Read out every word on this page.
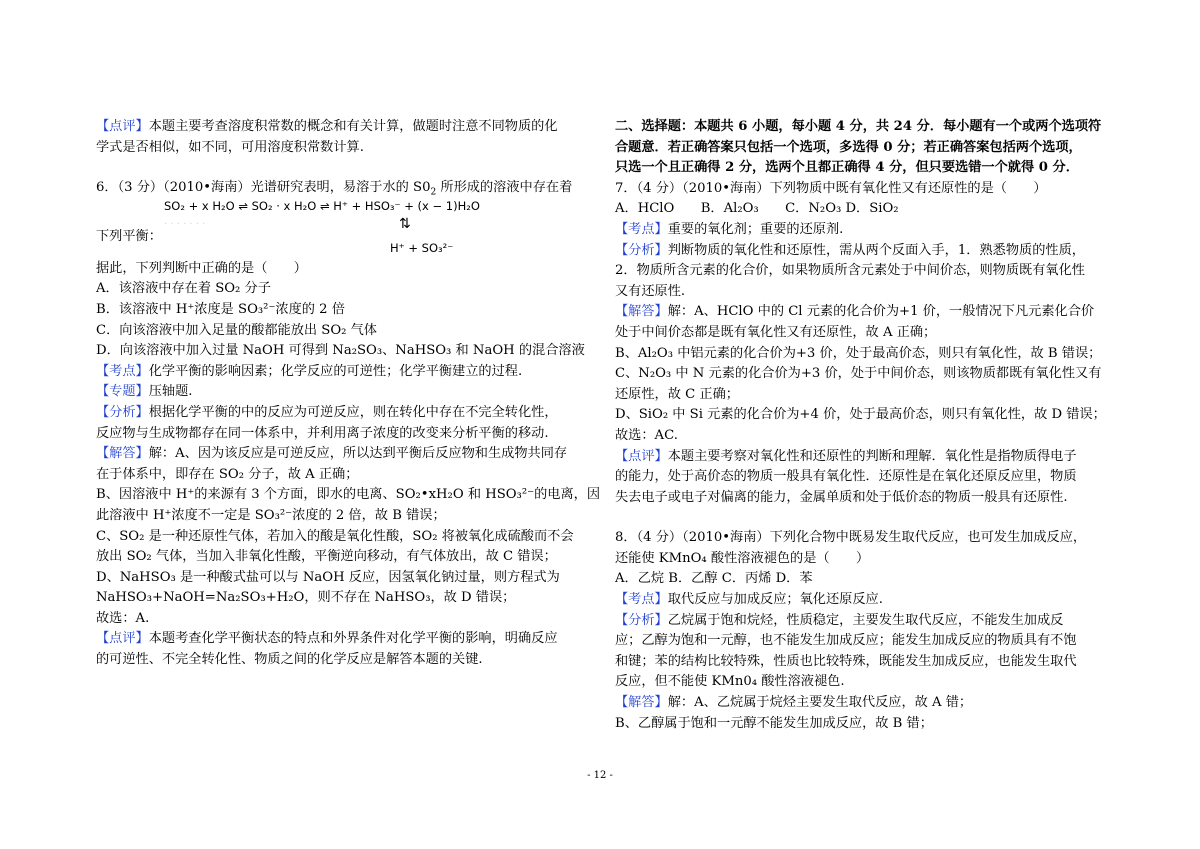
【点评】本题主要考查溶度积常数的概念和有关计算，做题时注意不同物质的化

学式是否相似，如不同，可用溶度积常数计算.

6．（3 分）（2010•海南）光谱研究表明，易溶于水的 $S0_2$ 所形成的溶液中存在着

SO₂ + x H₂O ⇌ SO₂ · x H₂O ⇌ H⁺ + HSO₃⁻ + (x − 1)H₂O
· · · · · · ·
下列平衡：
⇅
H⁺ + SO₃²⁻

据此，下列判断中正确的是（　　）

A．该溶液中存在着 SO₂ 分子

B．该溶液中 H⁺浓度是 SO₃²⁻浓度的 2 倍

C．向该溶液中加入足量的酸都能放出 SO₂ 气体

D．向该溶液中加入过量 NaOH 可得到 Na₂SO₃、NaHSO₃ 和 NaOH 的混合溶液

【考点】化学平衡的影响因素；化学反应的可逆性；化学平衡建立的过程.

【专题】压轴题.

【分析】根据化学平衡的中的反应为可逆反应，则在转化中存在不完全转化性，

反应物与生成物都存在同一体系中，并利用离子浓度的改变来分析平衡的移动.

【解答】解：A、因为该反应是可逆反应，所以达到平衡后反应物和生成物共同存

在于体系中，即存在 SO₂ 分子，故 A 正确；

B、因溶液中 H⁺的来源有 3 个方面，即水的电离、SO₂•xH₂O 和 HSO₃²⁻的电离，因

此溶液中 H⁺浓度不一定是 SO₃²⁻浓度的 2 倍，故 B 错误；

C、SO₂ 是一种还原性气体，若加入的酸是氧化性酸，SO₂ 将被氧化成硫酸而不会

放出 SO₂ 气体，当加入非氧化性酸，平衡逆向移动，有气体放出，故 C 错误；

D、NaHSO₃ 是一种酸式盐可以与 NaOH 反应，因氢氧化钠过量，则方程式为

NaHSO₃+NaOH=Na₂SO₃+H₂O，则不存在 NaHSO₃，故 D 错误；

故选：A.

【点评】本题考查化学平衡状态的特点和外界条件对化学平衡的影响，明确反应

的可逆性、不完全转化性、物质之间的化学反应是解答本题的关键.

二、选择题：本题共 6 小题，每小题 4 分，共 24 分．每小题有一个或两个选项符

合题意．若正确答案只包括一个选项，多选得 0 分；若正确答案包括两个选项，

只选一个且正确得 2 分，选两个且都正确得 4 分，但只要选错一个就得 0 分．

7．（4 分）（2010•海南）下列物质中既有氧化性又有还原性的是（　　）

A．HClO　　B．Al₂O₃　　C．N₂O₃ D．SiO₂

【考点】重要的氧化剂；重要的还原剂.

【分析】判断物质的氧化性和还原性，需从两个反面入手，1．熟悉物质的性质，

2．物质所含元素的化合价，如果物质所含元素处于中间价态，则物质既有氧化性

又有还原性.

【解答】解：A、HClO 中的 Cl 元素的化合价为+1 价，一般情况下凡元素化合价

处于中间价态都是既有氧化性又有还原性，故 A 正确；

B、Al₂O₃ 中铝元素的化合价为+3 价，处于最高价态，则只有氧化性，故 B 错误；

C、N₂O₃ 中 N 元素的化合价为+3 价，处于中间价态，则该物质都既有氧化性又有

还原性，故 C 正确；

D、SiO₂ 中 Si 元素的化合价为+4 价，处于最高价态，则只有氧化性，故 D 错误；

故选：AC.

【点评】本题主要考察对氧化性和还原性的判断和理解．氧化性是指物质得电子

的能力，处于高价态的物质一般具有氧化性．还原性是在氧化还原反应里，物质

失去电子或电子对偏离的能力，金属单质和处于低价态的物质一般具有还原性.

8．（4 分）（2010•海南）下列化合物中既易发生取代反应，也可发生加成反应，

还能使 KMnO₄ 酸性溶液褪色的是（　　）

A．乙烷 B．乙醇 C．丙烯 D．苯

【考点】取代反应与加成反应；氧化还原反应.

【分析】乙烷属于饱和烷烃，性质稳定，主要发生取代反应，不能发生加成反

应；乙醇为饱和一元醇，也不能发生加成反应；能发生加成反应的物质具有不饱

和键；苯的结构比较特殊，性质也比较特殊，既能发生加成反应，也能发生取代

反应，但不能使 KMn0₄ 酸性溶液褪色.

【解答】解：A、乙烷属于烷烃主要发生取代反应，故 A 错；

B、乙醇属于饱和一元醇不能发生加成反应，故 B 错；

- 12 -
